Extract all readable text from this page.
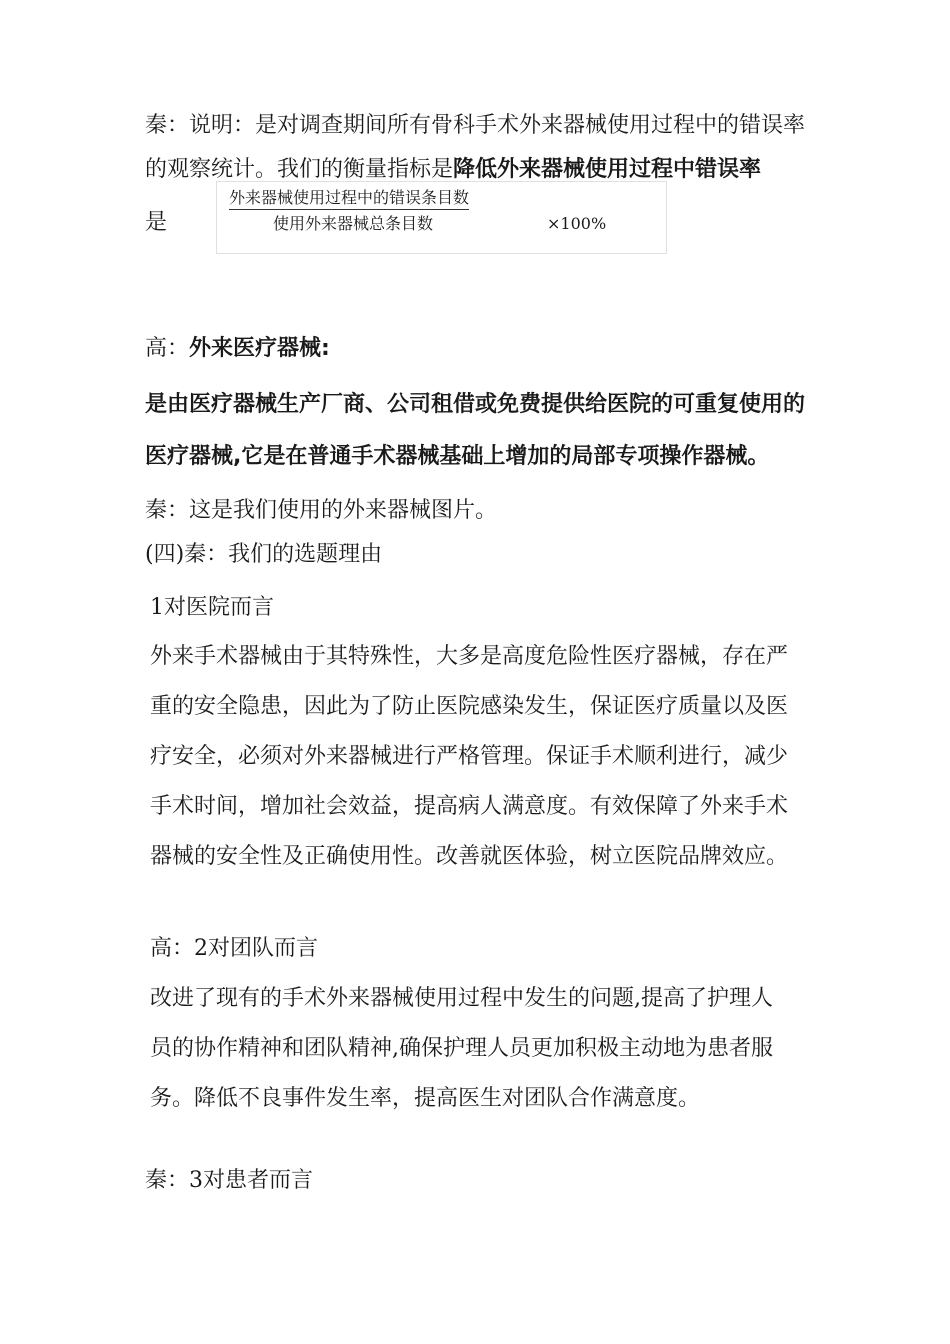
秦：说明：是对调查期间所有骨科手术外来器械使用过程中的错误率
的观察统计。我们的衡量指标是降低外来器械使用过程中错误率
是
外来器械使用过程中的错误条目数
使用外来器械总条目数	×100%
高：外来医疗器械:
是由医疗器械生产厂商、公司租借或免费提供给医院的可重复使用的
医疗器械,它是在普通手术器械基础上增加的局部专项操作器械。
秦：这是我们使用的外来器械图片。
(四)秦：我们的选题理由
1对医院而言
外来手术器械由于其特殊性，大多是高度危险性医疗器械，存在严
重的安全隐患，因此为了防止医院感染发生，保证医疗质量以及医
疗安全，必须对外来器械进行严格管理。保证手术顺利进行，减少
手术时间，增加社会效益，提高病人满意度。有效保障了外来手术
器械的安全性及正确使用性。改善就医体验，树立医院品牌效应。
高：2对团队而言
改进了现有的手术外来器械使用过程中发生的问题,提高了护理人
员的协作精神和团队精神,确保护理人员更加积极主动地为患者服
务。降低不良事件发生率，提高医生对团队合作满意度。
秦：3对患者而言
